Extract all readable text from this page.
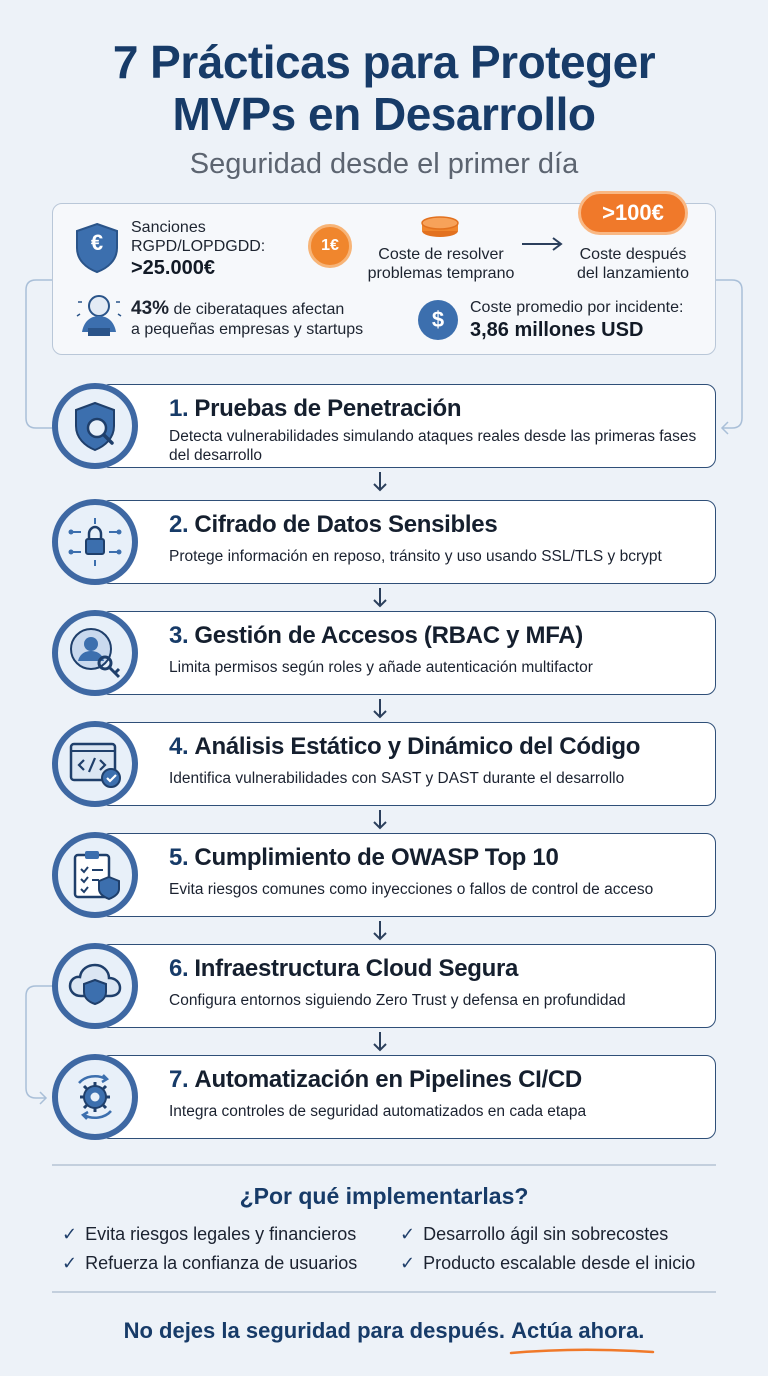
7 Prácticas para Proteger
MVPs en Desarrollo
Seguridad desde el primer día
€
Sanciones
RGPD/LOPDGDD:
>25.000€
1€
Coste de resolver
problemas temprano
>100€
Coste después
del lanzamiento
43% de ciberataques afectan
a pequeñas empresas y startups	$	Coste promedio por incidente:
3,86 millones USD
1. Pruebas de Penetración
Detecta vulnerabilidades simulando ataques reales desde las primeras fases del desarrollo
2. Cifrado de Datos Sensibles
Protege información en reposo, tránsito y uso usando SSL/TLS y bcrypt
3. Gestión de Accesos (RBAC y MFA)
Limita permisos según roles y añade autenticación multifactor
4. Análisis Estático y Dinámico del Código
Identifica vulnerabilidades con SAST y DAST durante el desarrollo
5. Cumplimiento de OWASP Top 10
Evita riesgos comunes como inyecciones o fallos de control de acceso
6. Infraestructura Cloud Segura
Configura entornos siguiendo Zero Trust y defensa en profundidad
7. Automatización en Pipelines CI/CD
Integra controles de seguridad automatizados en cada etapa
¿Por qué implementarlas?
✓ Evita riesgos legales y financieros ✓ Desarrollo ágil sin sobrecostes
✓ Refuerza la confianza de usuarios ✓ Producto escalable desde el inicio
No dejes la seguridad para después. Actúa ahora.
